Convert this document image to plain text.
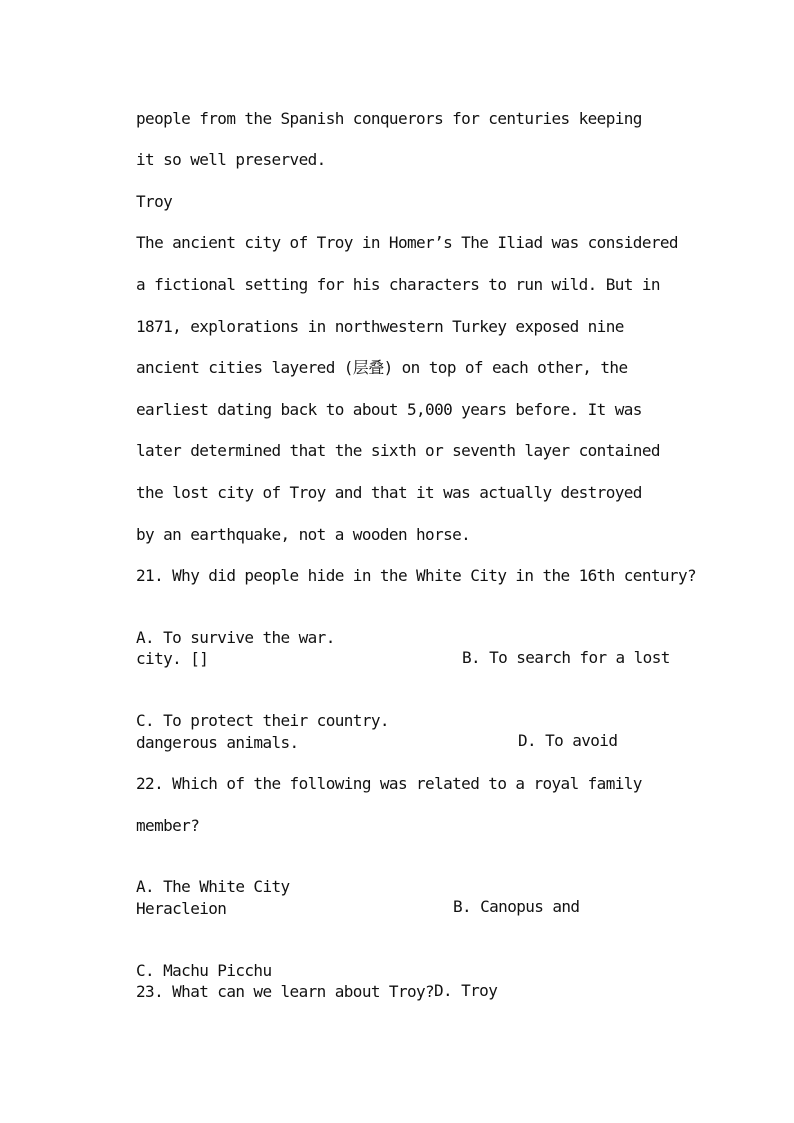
people from the Spanish conquerors for centuries keeping
it so well preserved.
Troy
The ancient city of Troy in Homer’s The Iliad was considered
a fictional setting for his characters to run wild. But in
1871, explorations in northwestern Turkey exposed nine
ancient cities layered (层叠) on top of each other, the
earliest dating back to about 5,000 years before. It was
later determined that the sixth or seventh layer contained
the lost city of Troy and that it was actually destroyed
by an earthquake, not a wooden horse.
21. Why did people hide in the White City in the 16th century?

A. To survive the war.

B. To search for a lost

city. []

C. To protect their country.

D. To avoid

dangerous animals.
22. Which of the following was related to a royal family
member?

A. The White City

B. Canopus and

Heracleion

C. Machu Picchu

D. Troy

23. What can we learn about Troy?
